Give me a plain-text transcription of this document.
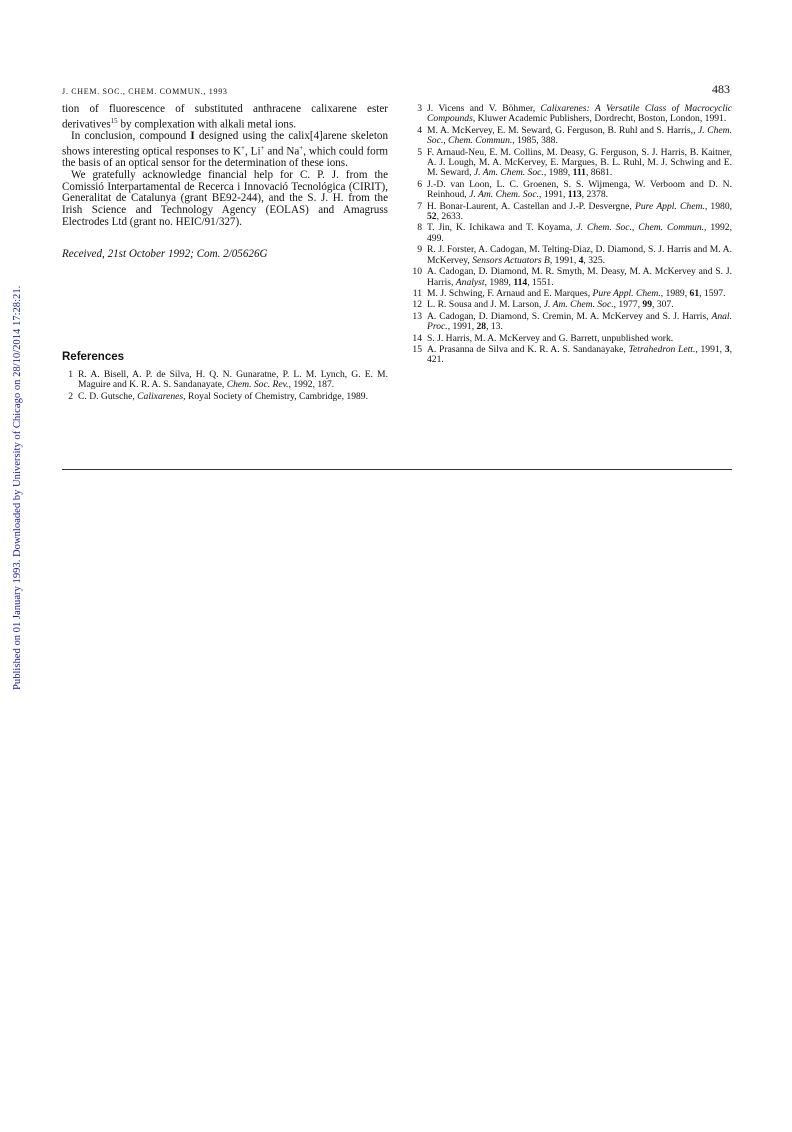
Published on 01 January 1993. Downloaded by University of Chicago on 28/10/2014 17:28:21.
J. CHEM. SOC., CHEM. COMMUN., 1993	483

tion of fluorescence of substituted anthracene calixarene ester derivatives$^{15}$ by complexation with alkali metal ions.

In conclusion, compound I designed using the calix[4]arene skeleton shows interesting optical responses to K+, Li+ and Na+, which could form the basis of an optical sensor for the determination of these ions.

We gratefully acknowledge financial help for C. P. J. from the Comissió Interpartamental de Recerca i Innovació Tecnológica (CIRIT), Generalitat de Catalunya (grant BE92-244), and the S. J. H. from the Irish Science and Technology Agency (EOLAS) and Amagruss Electrodes Ltd (grant no. HEIC/91/327).

Received, 21st October 1992; Com. 2/05626G

References
1 R. A. Bisell, A. P. de Silva, H. Q. N. Gunaratne, P. L. M. Lynch, G. E. M. Maguire and K. R. A. S. Sandanayate, Chem. Soc. Rev., 1992, 187.
2 C. D. Gutsche, Calixarenes, Royal Society of Chemistry, Cambridge, 1989.
3 J. Vicens and V. Böhmer, Calixarenes: A Versatile Class of Macrocyclic Compounds, Kluwer Academic Publishers, Dordrecht, Boston, London, 1991.
4 M. A. McKervey, E. M. Seward, G. Ferguson, B. Ruhl and S. Harris,, J. Chem. Soc., Chem. Commun., 1985, 388.
5 F. Arnaud-Neu, E. M. Collins, M. Deasy, G. Ferguson, S. J. Harris, B. Kaitner, A. J. Lough, M. A. McKervey, E. Margues, B. L. Ruhl, M. J. Schwing and E. M. Seward, J. Am. Chem. Soc., 1989, 111, 8681.
6 J.-D. van Loon, L. C. Groenen, S. S. Wijmenga, W. Verboom and D. N. Reinhoud, J. Am. Chem. Soc., 1991, 113, 2378.
7 H. Bonar-Laurent, A. Castellan and J.-P. Desvergne, Pure Appl. Chem., 1980, 52, 2633.
8 T. Jin, K. Ichikawa and T. Koyama, J. Chem. Soc., Chem. Commun., 1992, 499.
9 R. J. Forster, A. Cadogan, M. Telting-Diaz, D. Diamond, S. J. Harris and M. A. McKervey, Sensors Actuators B, 1991, 4, 325.
10 A. Cadogan, D. Diamond, M. R. Smyth, M. Deasy, M. A. McKervey and S. J. Harris, Analyst, 1989, 114, 1551.
11 M. J. Schwing, F. Arnaud and E. Marques, Pure Appl. Chem., 1989, 61, 1597.
12 L. R. Sousa and J. M. Larson, J. Am. Chem. Soc., 1977, 99, 307.
13 A. Cadogan, D. Diamond, S. Cremin, M. A. McKervey and S. J. Harris, Anal. Proc., 1991, 28, 13.
14 S. J. Harris, M. A. McKervey and G. Barrett, unpublished work.
15 A. Prasanna de Silva and K. R. A. S. Sandanayake, Tetrahedron Lett., 1991, 3, 421.
